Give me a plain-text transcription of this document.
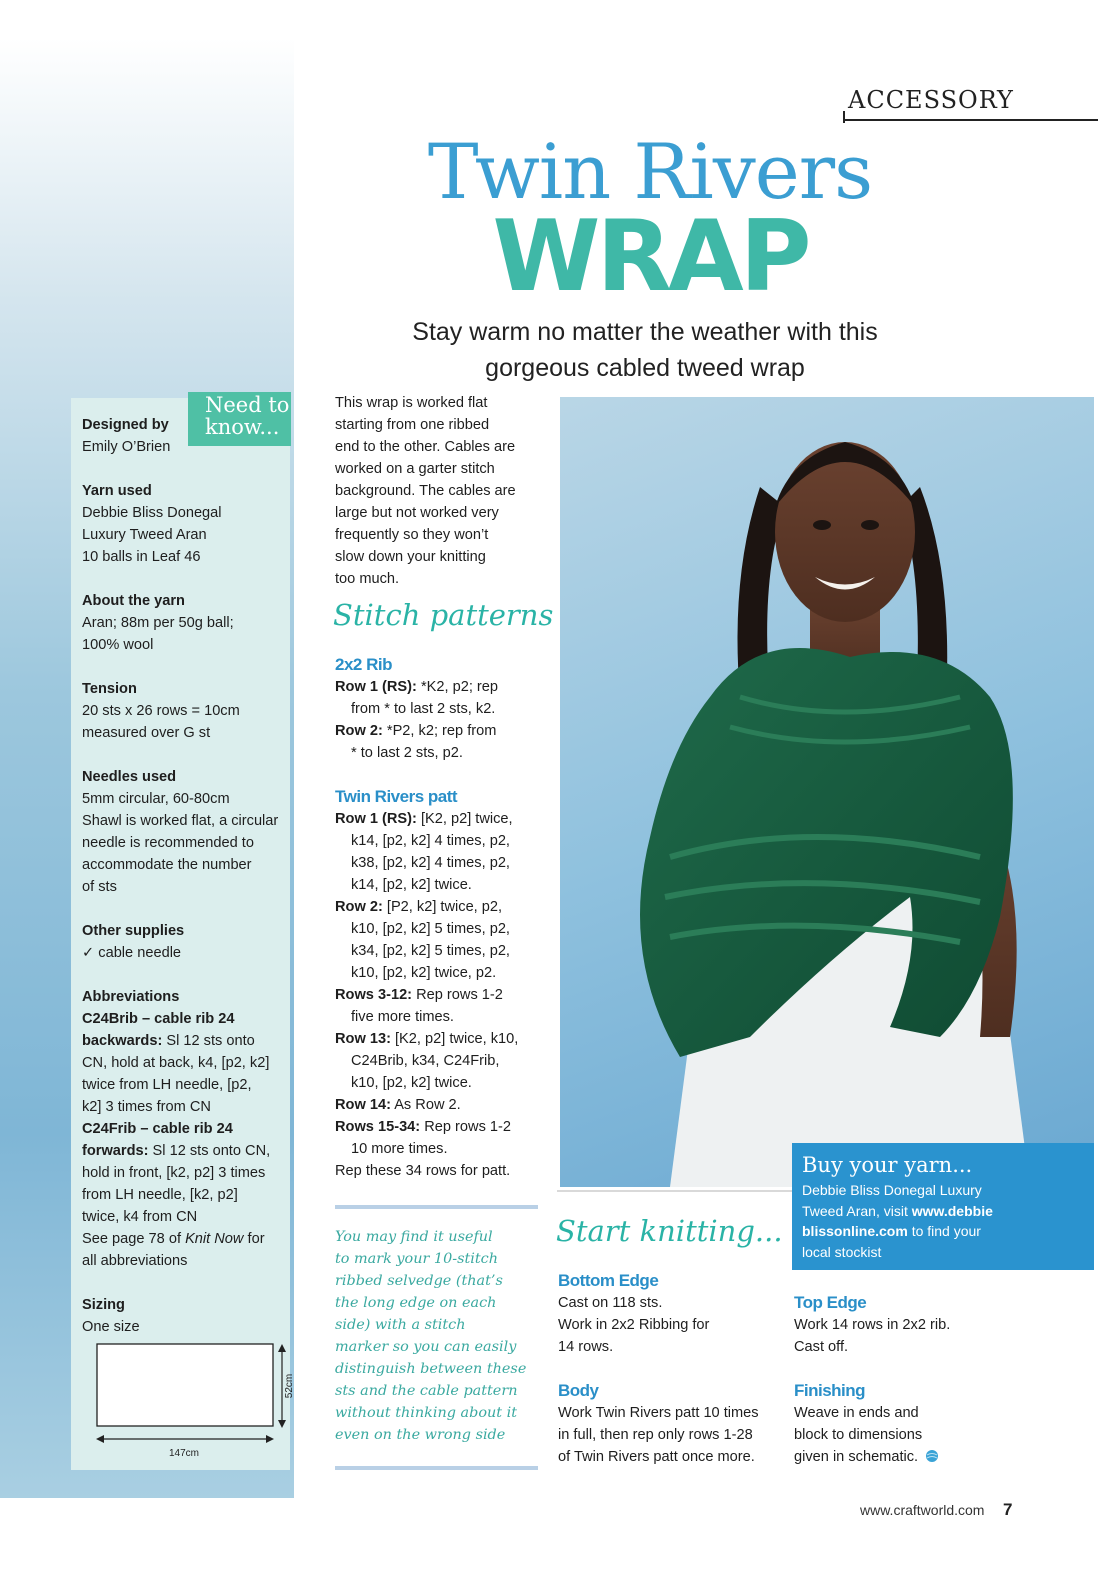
Need to
know...
Designed by
Emily O’Brien
Yarn used
Debbie Bliss Donegal
Luxury Tweed Aran
10 balls in Leaf 46
About the yarn
Aran; 88m per 50g ball;
100% wool
Tension
20 sts x 26 rows = 10cm
measured over G st
Needles used
5mm circular, 60-80cm
Shawl is worked flat, a circular
needle is recommended to
accommodate the number
of sts
Other supplies
✓ cable needle
Abbreviations
C24Brib – cable rib 24
backwards: Sl 12 sts onto
CN, hold at back, k4, [p2, k2]
twice from LH needle, [p2,
k2] 3 times from CN
C24Frib – cable rib 24
forwards: Sl 12 sts onto CN,
hold in front, [k2, p2] 3 times
from LH needle, [k2, p2]
twice, k4 from CN
See page 78 of Knit Now for
all abbreviations
Sizing
One size
147cm
52cm
ACCESSORY
Twin Rivers
WRAP
Stay warm no matter the weather with this gorgeous cabled tweed wrap
This wrap is worked flat
starting from one ribbed
end to the other. Cables are
worked on a garter stitch
background. The cables are
large but not worked very
frequently so they won’t
slow down your knitting
too much.
Stitch patterns
2x2 Rib
Row 1 (RS): *K2, p2; rep
from * to last 2 sts, k2.
Row 2: *P2, k2; rep from
* to last 2 sts, p2.
Twin Rivers patt
Row 1 (RS): [K2, p2] twice,
k14, [p2, k2] 4 times, p2,
k38, [p2, k2] 4 times, p2,
k14, [p2, k2] twice.
Row 2: [P2, k2] twice, p2,
k10, [p2, k2] 5 times, p2,
k34, [p2, k2] 5 times, p2,
k10, [p2, k2] twice, p2.
Rows 3-12: Rep rows 1-2
five more times.
Row 13: [K2, p2] twice, k10,
C24Brib, k34, C24Frib,
k10, [p2, k2] twice.
Row 14: As Row 2.
Rows 15-34: Rep rows 1-2
10 more times.
Rep these 34 rows for patt.
You may find it useful
to mark your 10-stitch
ribbed selvedge (that’s
the long edge on each
side) with a stitch
marker so you can easily
distinguish between these
sts and the cable pattern
without thinking about it
even on the wrong side
Buy your yarn...
Debbie Bliss Donegal Luxury
Tweed Aran, visit www.debbie
blissonline.com to find your
local stockist
Start knitting...
Bottom Edge
Cast on 118 sts.
Work in 2x2 Ribbing for
14 rows.
Body
Work Twin Rivers patt 10 times
in full, then rep only rows 1-28
of Twin Rivers patt once more.
Top Edge
Work 14 rows in 2x2 rib.
Cast off.
Finishing
Weave in ends and
block to dimensions
given in schematic.
www.craftworld.com 7
